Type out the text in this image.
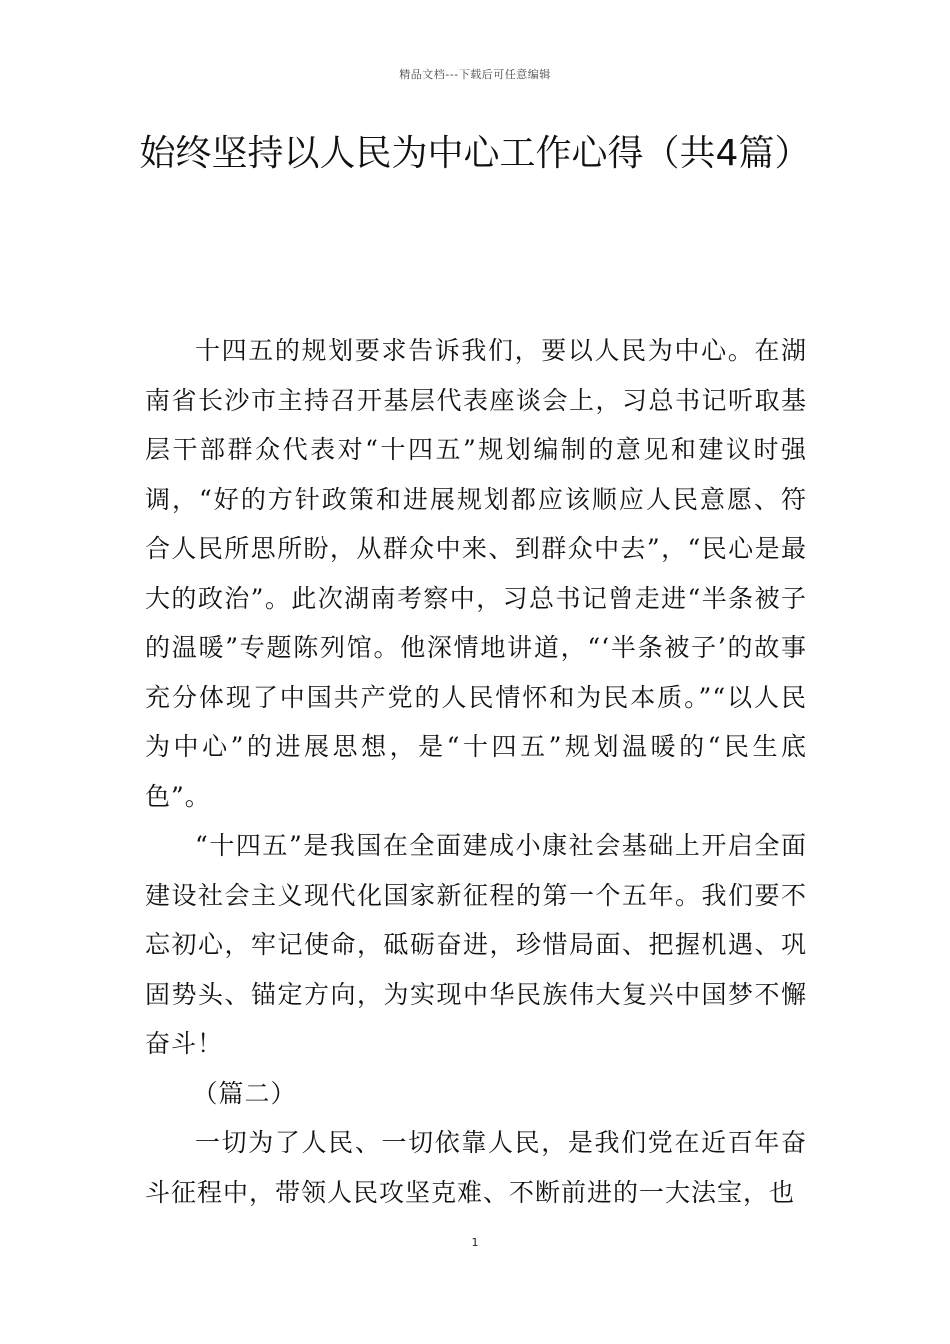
精品文档---下载后可任意编辑
始终坚持以人民为中心工作心得（共4篇）

十四五的规划要求告诉我们，要以人民为中心。在湖南省长沙市主持召开基层代表座谈会上，习总书记听取基层干部群众代表对“十四五”规划编制的意见和建议时强调，“好的方针政策和进展规划都应该顺应人民意愿、符合人民所思所盼，从群众中来、到群众中去”，“民心是最大的政治”。此次湖南考察中，习总书记曾走进“半条被子的温暖”专题陈列馆。他深情地讲道，“‘半条被子’的故事充分体现了中国共产党的人民情怀和为民本质。”“以人民为中心”的进展思想，是“十四五”规划温暖的“民生底色”。

“十四五”是我国在全面建成小康社会基础上开启全面建设社会主义现代化国家新征程的第一个五年。我们要不忘初心，牢记使命，砥砺奋进，珍惜局面、把握机遇、巩固势头、锚定方向，为实现中华民族伟大复兴中国梦不懈奋斗！

（篇二）

一切为了人民、一切依靠人民，是我们党在近百年奋斗征程中，带领人民攻坚克难、不断前进的一大法宝，也

1
